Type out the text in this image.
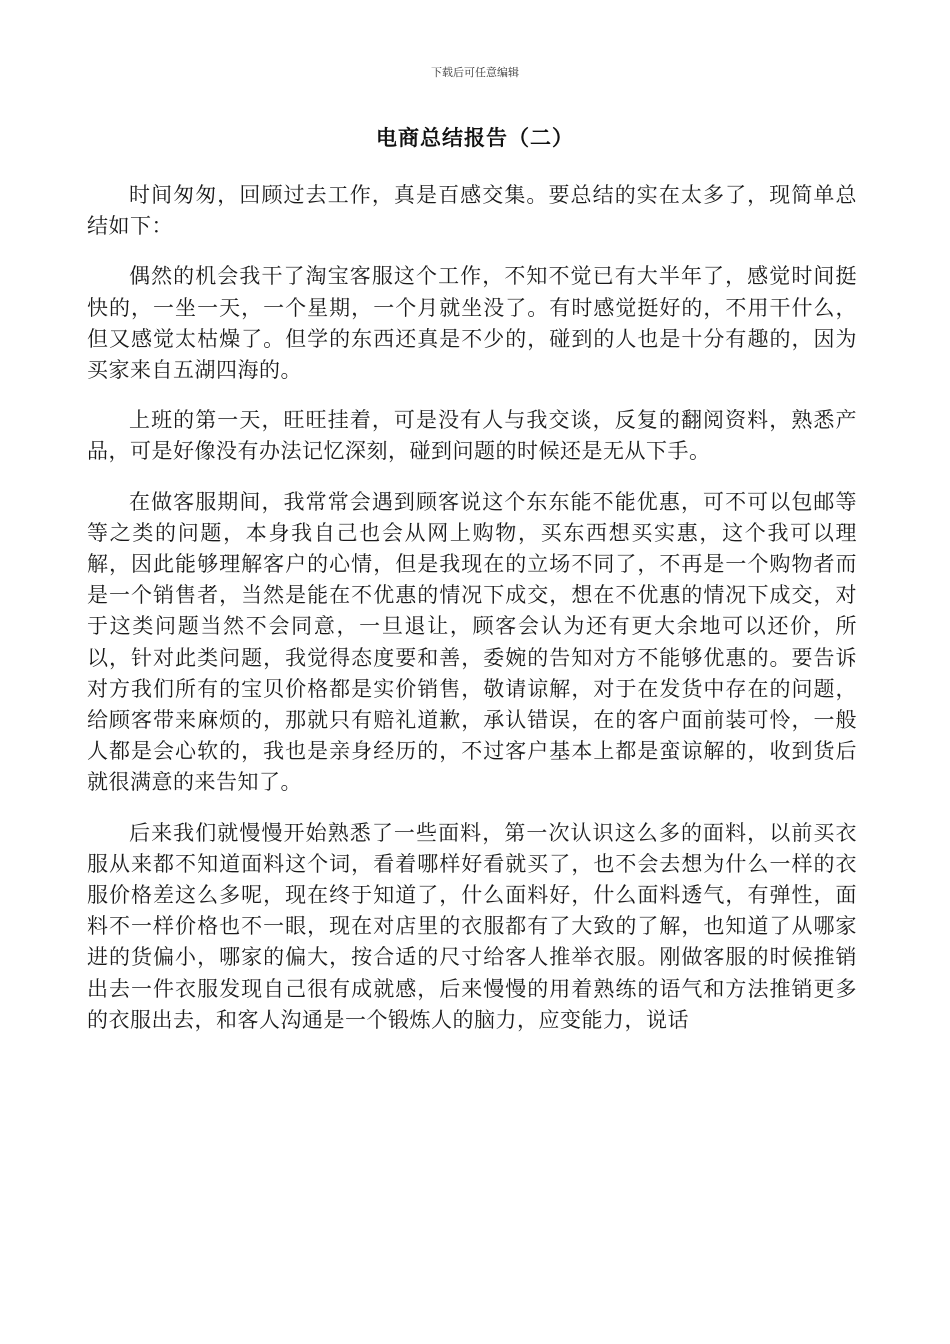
下载后可任意编辑
电商总结报告（二）

时间匆匆，回顾过去工作，真是百感交集。要总结的实在太多了，现简单总结如下：

偶然的机会我干了淘宝客服这个工作，不知不觉已有大半年了，感觉时间挺快的，一坐一天，一个星期，一个月就坐没了。有时感觉挺好的，不用干什么，但又感觉太枯燥了。但学的东西还真是不少的，碰到的人也是十分有趣的，因为买家来自五湖四海的。

上班的第一天，旺旺挂着，可是没有人与我交谈，反复的翻阅资料，熟悉产品，可是好像没有办法记忆深刻，碰到问题的时候还是无从下手。

在做客服期间，我常常会遇到顾客说这个东东能不能优惠，可不可以包邮等等之类的问题，本身我自己也会从网上购物，买东西想买实惠，这个我可以理解，因此能够理解客户的心情，但是我现在的立场不同了，不再是一个购物者而是一个销售者，当然是能在不优惠的情况下成交，想在不优惠的情况下成交，对于这类问题当然不会同意，一旦退让，顾客会认为还有更大余地可以还价，所以，针对此类问题，我觉得态度要和善，委婉的告知对方不能够优惠的。要告诉对方我们所有的宝贝价格都是实价销售，敬请谅解，对于在发货中存在的问题，给顾客带来麻烦的，那就只有赔礼道歉，承认错误，在的客户面前装可怜，一般人都是会心软的，我也是亲身经历的，不过客户基本上都是蛮谅解的，收到货后就很满意的来告知了。

后来我们就慢慢开始熟悉了一些面料，第一次认识这么多的面料，以前买衣服从来都不知道面料这个词，看着哪样好看就买了，也不会去想为什么一样的衣服价格差这么多呢，现在终于知道了，什么面料好，什么面料透气，有弹性，面料不一样价格也不一眼，现在对店里的衣服都有了大致的了解，也知道了从哪家进的货偏小，哪家的偏大，按合适的尺寸给客人推举衣服。刚做客服的时候推销出去一件衣服发现自己很有成就感，后来慢慢的用着熟练的语气和方法推销更多的衣服出去，和客人沟通是一个锻炼人的脑力，应变能力，说话
